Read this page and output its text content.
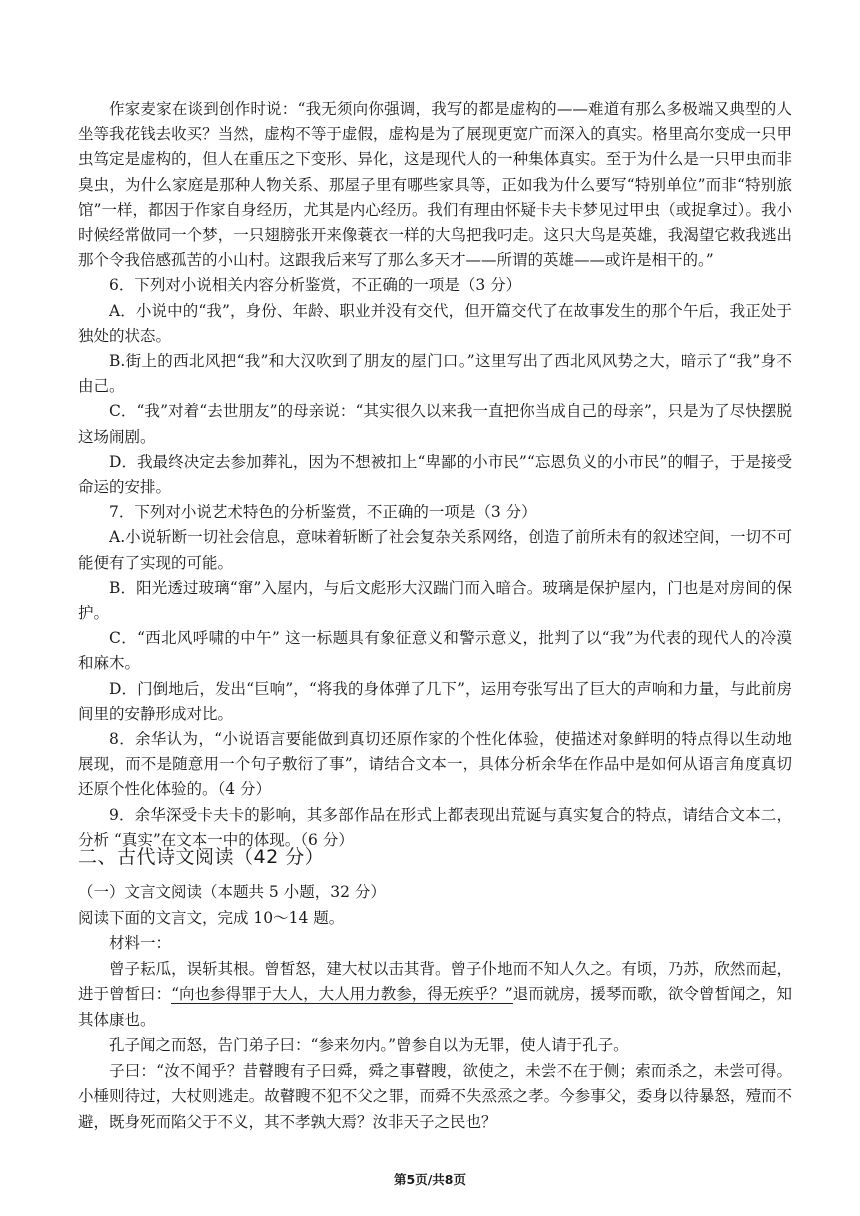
作家麦家在谈到创作时说：“我无须向你强调，我写的都是虚构的——难道有那么多极端又典型的人坐等我花钱去收买？当然，虚构不等于虚假，虚构是为了展现更宽广而深入的真实。格里高尔变成一只甲虫笃定是虚构的，但人在重压之下变形、异化，这是现代人的一种集体真实。至于为什么是一只甲虫而非臭虫，为什么家庭是那种人物关系、那屋子里有哪些家具等，正如我为什么要写“特别单位”而非“特别旅馆”一样，都因于作家自身经历，尤其是内心经历。我们有理由怀疑卡夫卡梦见过甲虫（或捉拿过）。我小时候经常做同一个梦，一只翅膀张开来像蓑衣一样的大鸟把我叼走。这只大鸟是英雄，我渴望它救我逃出那个令我倍感孤苦的小山村。这跟我后来写了那么多天才——所谓的英雄——或许是相干的。”

6．下列对小说相关内容分析鉴赏，不正确的一项是（3 分）

A．小说中的“我”，身份、年龄、职业并没有交代，但开篇交代了在故事发生的那个午后，我正处于独处的状态。

B.街上的西北风把“我”和大汉吹到了朋友的屋门口。”这里写出了西北风风势之大，暗示了“我”身不由己。

C．“我”对着“去世朋友”的母亲说：“其实很久以来我一直把你当成自己的母亲”，只是为了尽快摆脱这场闹剧。

D．我最终决定去参加葬礼，因为不想被扣上“卑鄙的小市民”“忘恩负义的小市民”的帽子，于是接受命运的安排。

7．下列对小说艺术特色的分析鉴赏，不正确的一项是（3 分）

A.小说斩断一切社会信息，意味着斩断了社会复杂关系网络，创造了前所未有的叙述空间，一切不可能便有了实现的可能。

B．阳光透过玻璃“窜”入屋内，与后文彪形大汉踹门而入暗合。玻璃是保护屋内，门也是对房间的保护。

C．“西北风呼啸的中午” 这一标题具有象征意义和警示意义，批判了以“我”为代表的现代人的冷漠和麻木。

D．门倒地后，发出“巨响”，“将我的身体弹了几下”，运用夸张写出了巨大的声响和力量，与此前房间里的安静形成对比。

8．余华认为，“小说语言要能做到真切还原作家的个性化体验，使描述对象鲜明的特点得以生动地展现，而不是随意用一个句子敷衍了事”，请结合文本一，具体分析余华在作品中是如何从语言角度真切还原个性化体验的。（4 分）

9．余华深受卡夫卡的影响，其多部作品在形式上都表现出荒诞与真实复合的特点，请结合文本二，分析 “真实”在文本一中的体现。（6 分）

二、古代诗文阅读（42 分）

（一）文言文阅读（本题共 5 小题，32 分）

阅读下面的文言文，完成 10～14 题。

材料一：

曾子耘瓜，误斩其根。曾皙怒，建大杖以击其背。曾子仆地而不知人久之。有顷，乃苏，欣然而起，进于曾皙曰：“向也参得罪于大人，大人用力教参，得无疾乎？”退而就房，援琴而歌，欲令曾皙闻之，知其体康也。

孔子闻之而怒，告门弟子曰：“参来勿内。”曾参自以为无罪，使人请于孔子。

子曰：“汝不闻乎？昔瞽瞍有子曰舜，舜之事瞽瞍，欲使之，未尝不在于侧；索而杀之，未尝可得。小棰则待过，大杖则逃走。故瞽瞍不犯不父之罪，而舜不失烝烝之孝。今参事父，委身以待暴怒，殪而不避，既身死而陷父于不义，其不孝孰大焉？汝非天子之民也？

第5页/共8页
